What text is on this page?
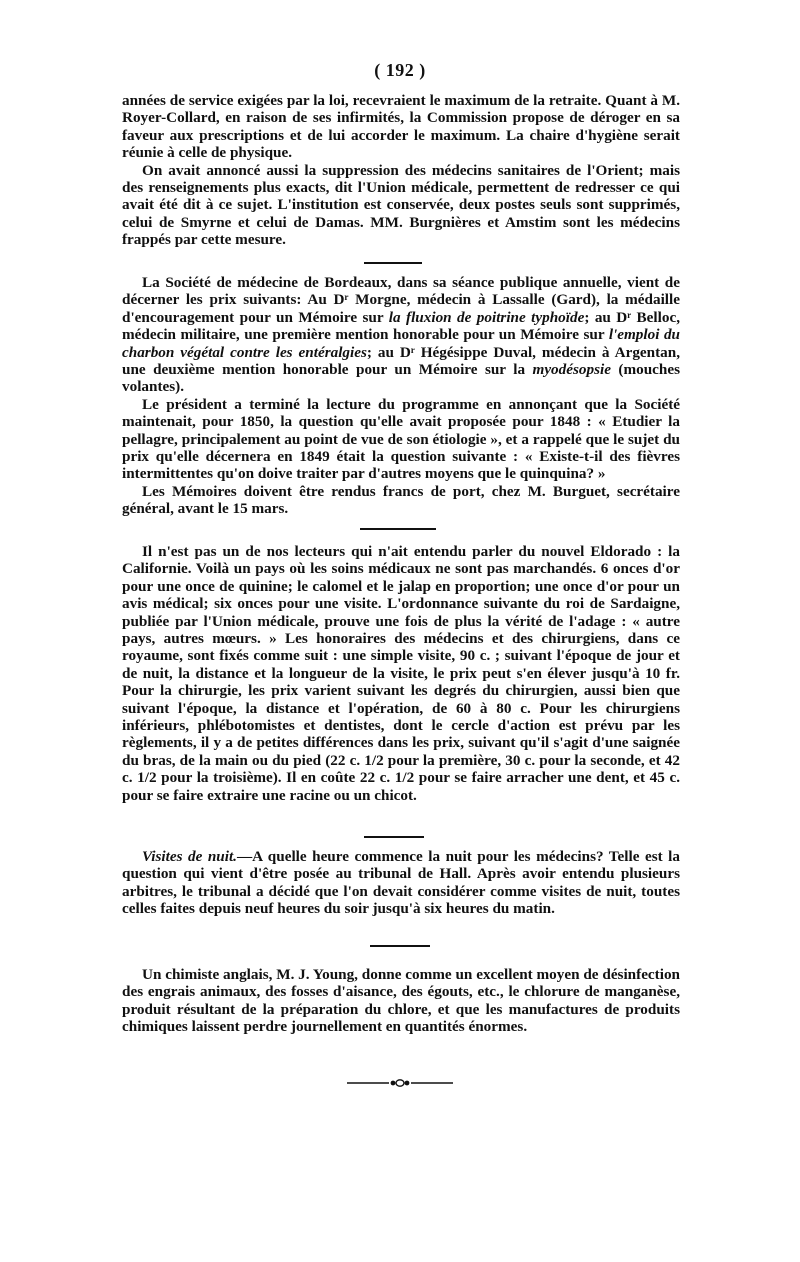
( 192 )

années de service exigées par la loi, recevraient le maximum de la retraite. Quant à M. Royer-Collard, en raison de ses infirmités, la Commission propose de déroger en sa faveur aux prescriptions et de lui accorder le maximum. La chaire d'hygiène serait réunie à celle de physique.

On avait annoncé aussi la suppression des médecins sanitaires de l'Orient; mais des renseignements plus exacts, dit l'Union médicale, permettent de redresser ce qui avait été dit à ce sujet. L'institution est conservée, deux postes seuls sont supprimés, celui de Smyrne et celui de Damas. MM. Burgnières et Amstim sont les médecins frappés par cette mesure.

La Société de médecine de Bordeaux, dans sa séance publique annuelle, vient de décerner les prix suivants: Au Dʳ Morgne, médecin à Lassalle (Gard), la médaille d'encouragement pour un Mémoire sur la fluxion de poitrine typhoïde; au Dʳ Belloc, médecin militaire, une première mention honorable pour un Mémoire sur l'emploi du charbon végétal contre les entéralgies; au Dʳ Hégésippe Duval, médecin à Argentan, une deuxième mention honorable pour un Mémoire sur la myodésopsie (mouches volantes).

Le président a terminé la lecture du programme en annonçant que la Société maintenait, pour 1850, la question qu'elle avait proposée pour 1848 : « Etudier la pellagre, principalement au point de vue de son étiologie », et a rappelé que le sujet du prix qu'elle décernera en 1849 était la question suivante : « Existe-t-il des fièvres intermittentes qu'on doive traiter par d'autres moyens que le quinquina? »

Les Mémoires doivent être rendus francs de port, chez M. Burguet, secrétaire général, avant le 15 mars.

Il n'est pas un de nos lecteurs qui n'ait entendu parler du nouvel Eldorado : la Californie. Voilà un pays où les soins médicaux ne sont pas marchandés. 6 onces d'or pour une once de quinine; le calomel et le jalap en proportion; une once d'or pour un avis médical; six onces pour une visite. L'ordonnance suivante du roi de Sardaigne, publiée par l'Union médicale, prouve une fois de plus la vérité de l'adage : « autre pays, autres mœurs. » Les honoraires des médecins et des chirurgiens, dans ce royaume, sont fixés comme suit : une simple visite, 90 c. ; suivant l'époque de jour et de nuit, la distance et la longueur de la visite, le prix peut s'en élever jusqu'à 10 fr. Pour la chirurgie, les prix varient suivant les degrés du chirurgien, aussi bien que suivant l'époque, la distance et l'opération, de 60 à 80 c. Pour les chirurgiens inférieurs, phlébotomistes et dentistes, dont le cercle d'action est prévu par les règlements, il y a de petites différences dans les prix, suivant qu'il s'agit d'une saignée du bras, de la main ou du pied (22 c. 1/2 pour la première, 30 c. pour la seconde, et 42 c. 1/2 pour la troisième). Il en coûte 22 c. 1/2 pour se faire arracher une dent, et 45 c. pour se faire extraire une racine ou un chicot.

Visites de nuit.—A quelle heure commence la nuit pour les médecins? Telle est la question qui vient d'être posée au tribunal de Hall. Après avoir entendu plusieurs arbitres, le tribunal a décidé que l'on devait considérer comme visites de nuit, toutes celles faites depuis neuf heures du soir jusqu'à six heures du matin.

Un chimiste anglais, M. J. Young, donne comme un excellent moyen de désinfection des engrais animaux, des fosses d'aisance, des égouts, etc., le chlorure de manganèse, produit résultant de la préparation du chlore, et que les manufactures de produits chimiques laissent perdre journellement en quantités énormes.
